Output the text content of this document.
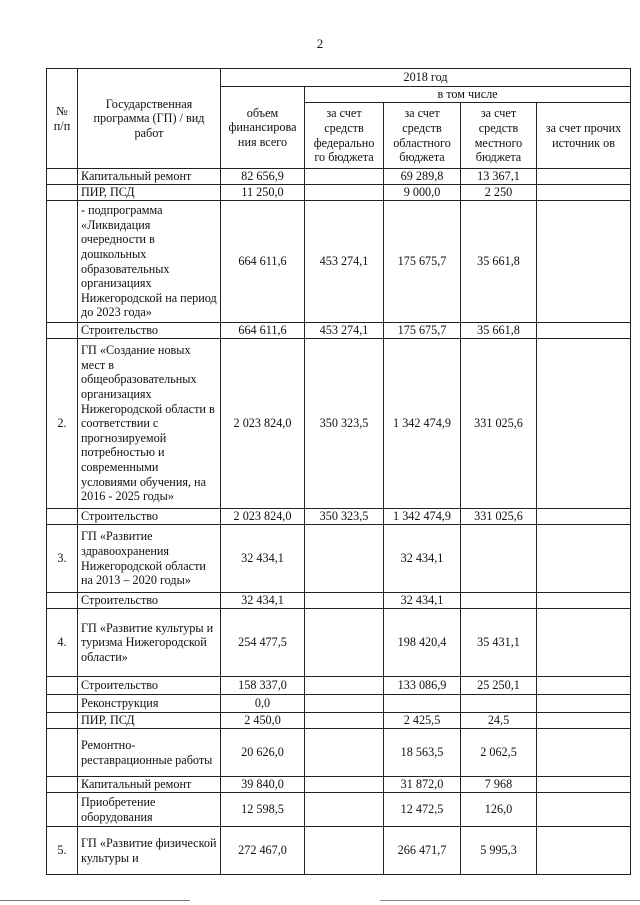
2
№ п/п	Государственная программа (ГП) / вид работ	2018 год				
		объем финансирова ния всего	в том числе			
			за счет средств федерально го бюджета	за счет средств областного бюджета	за счет средств местного бюджета	за счет прочих источник ов
	Капитальный ремонт	82 656,9		69 289,8	13 367,1	
	ПИР, ПСД	11 250,0		9 000,0	2 250	
	- подпрограмма «Ликвидация очередности в дошкольных образовательных организациях Нижегородской на период до 2023 года»	664 611,6	453 274,1	175 675,7	35 661,8	
	Строительство	664 611,6	453 274,1	175 675,7	35 661,8	
2.	ГП «Создание новых мест в общеобразовательных организациях Нижегородской области в соответствии с прогнозируемой потребностью и современными условиями обучения, на 2016 - 2025 годы»	2 023 824,0	350 323,5	1 342 474,9	331 025,6	
	Строительство	2 023 824,0	350 323,5	1 342 474,9	331 025,6	
3.	ГП «Развитие здравоохранения Нижегородской области на 2013 – 2020 годы»	32 434,1		32 434,1		
	Строительство	32 434,1		32 434,1		
4.	ГП «Развитие культуры и туризма Нижегородской области»	254 477,5		198 420,4	35 431,1	
	Строительство	158 337,0		133 086,9	25 250,1	
	Реконструкция	0,0				
	ПИР, ПСД	2 450,0		2 425,5	24,5	
	Ремонтно-реставрационные работы	20 626,0		18 563,5	2 062,5	
	Капитальный ремонт	39 840,0		31 872,0	7 968	
	Приобретение оборудования	12 598,5		12 472,5	126,0	
5.	ГП «Развитие физической культуры и	272 467,0		266 471,7	5 995,3	
